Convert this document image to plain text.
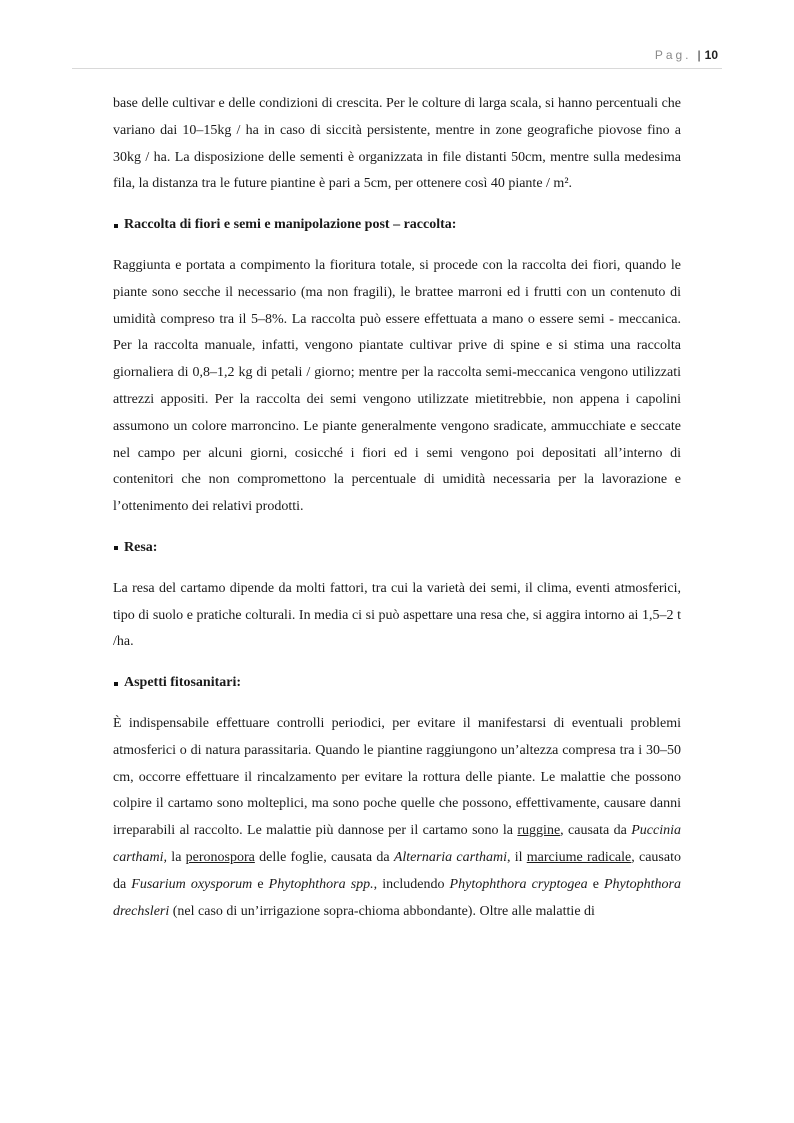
Pag. | 10

base delle cultivar e delle condizioni di crescita. Per le colture di larga scala, si hanno percentuali che variano dai 10–15kg / ha in caso di siccità persistente, mentre in zone geografiche piovose fino a 30kg / ha. La disposizione delle sementi è organizzata in file distanti 50cm, mentre sulla medesima fila, la distanza tra le future piantine è pari a 5cm, per ottenere così 40 piante / m².

Raccolta di fiori e semi e manipolazione post – raccolta:

Raggiunta e portata a compimento la fioritura totale, si procede con la raccolta dei fiori, quando le piante sono secche il necessario (ma non fragili), le brattee marroni ed i frutti con un contenuto di umidità compreso tra il 5–8%. La raccolta può essere effettuata a mano o essere semi - meccanica. Per la raccolta manuale, infatti, vengono piantate cultivar prive di spine e si stima una raccolta giornaliera di 0,8–1,2 kg di petali / giorno; mentre per la raccolta semi-meccanica vengono utilizzati attrezzi appositi. Per la raccolta dei semi vengono utilizzate mietitrebbie, non appena i capolini assumono un colore marroncino. Le piante generalmente vengono sradicate, ammucchiate e seccate nel campo per alcuni giorni, cosicché i fiori ed i semi vengono poi depositati all’interno di contenitori che non compromettono la percentuale di umidità necessaria per la lavorazione e l’ottenimento dei relativi prodotti.

Resa:

La resa del cartamo dipende da molti fattori, tra cui la varietà dei semi, il clima, eventi atmosferici, tipo di suolo e pratiche colturali. In media ci si può aspettare una resa che, si aggira intorno ai 1,5–2 t /ha.

Aspetti fitosanitari:

È indispensabile effettuare controlli periodici, per evitare il manifestarsi di eventuali problemi atmosferici o di natura parassitaria. Quando le piantine raggiungono un’altezza compresa tra i 30–50 cm, occorre effettuare il rincalzamento per evitare la rottura delle piante. Le malattie che possono colpire il cartamo sono molteplici, ma sono poche quelle che possono, effettivamente, causare danni irreparabili al raccolto. Le malattie più dannose per il cartamo sono la ruggine, causata da Puccinia carthami, la peronospora delle foglie, causata da Alternaria carthami, il marciume radicale, causato da Fusarium oxysporum e Phytophthora spp., includendo Phytophthora cryptogea e Phytophthora drechsleri (nel caso di un’irrigazione sopra-chioma abbondante). Oltre alle malattie di
